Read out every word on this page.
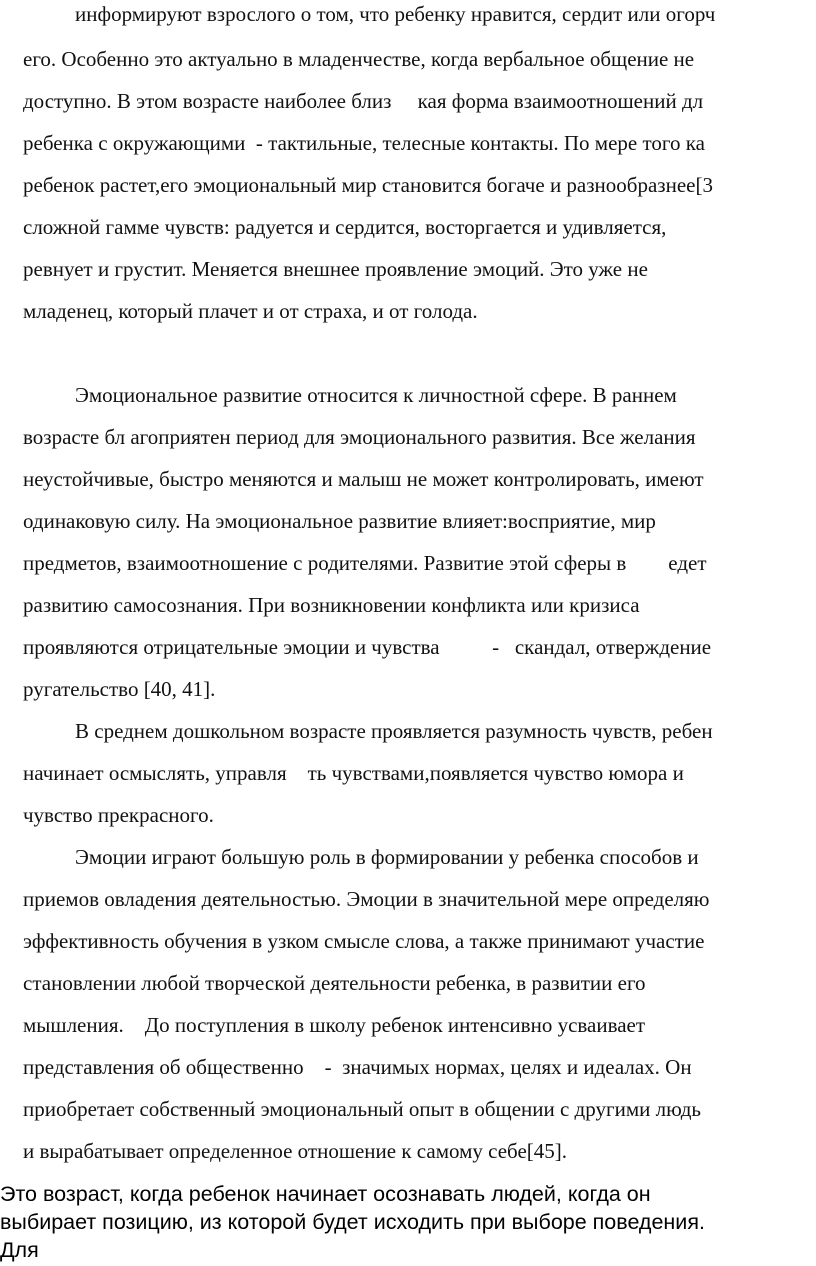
информируют взрослого о том, что ребенку нравится, сердит или огорч
его. Особенно это актуально в младенчестве, когда вербальное общение не
доступно. В этом возрасте наиболее близ     кая форма взаимоотношений дл
ребенка с окружающими  - тактильные, телесные контакты. По мере того ка
ребенок растет,его эмоциональный мир становится богаче и разнообразнее[3
сложной гамме чувств: радуется и сердится, восторгается и удивляется,
ревнует и грустит. Меняется внешнее проявление эмоций. Это уже не
младенец, который плачет и от страха, и от голода.
Эмоциональное развитие относится к личностной сфере. В раннем
возрасте бл агоприятен период для эмоционального развития. Все желания
неустойчивые, быстро меняются и малыш не может контролировать, имеют
одинаковую силу. На эмоциональное развитие влияет:восприятие, мир
предметов, взаимоотношение с родителями. Развитие этой сферы в        едет
развитию самосознания. При возникновении конфликта или кризиса
проявляются отрицательные эмоции и чувства          -   скандал, отверждение
ругательство [40, 41].
В среднем дошкольном возрасте проявляется разумность чувств, ребен
начинает осмыслять, управля    ть чувствами,появляется чувство юмора и
чувство прекрасного.
Эмоции играют большую роль в формировании у ребенка способов и
приемов овладения деятельностью. Эмоции в значительной мере определяю
эффективность обучения в узком смысле слова, а также принимают участие
становлении любой творческой деятельности ребенка, в развитии его
мышления.    До поступления в школу ребенок интенсивно усваивает
представления об общественно    -  значимых нормах, целях и идеалах. Он
приобретает собственный эмоциональный опыт в общении с другими людь
и вырабатывает определенное отношение к самому себе[45].
Это возраст, когда ребенок начинает осознавать людей, когда он
выбирает позицию, из которой будет исходить при выборе поведения.
Для
